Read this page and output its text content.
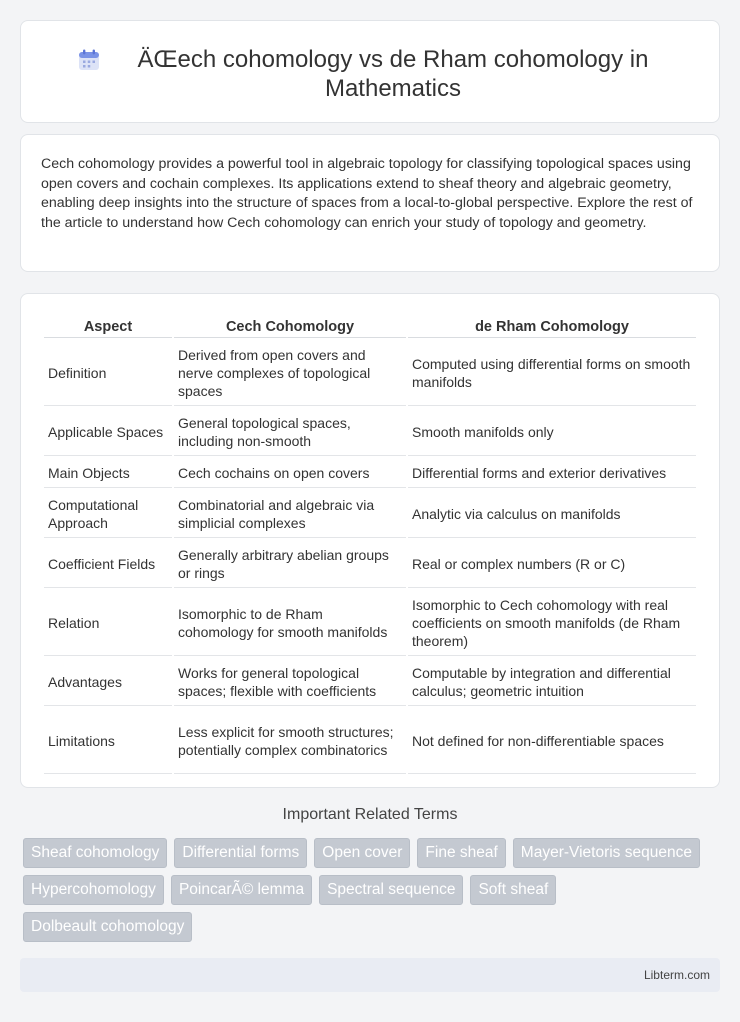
ÄŒech cohomology vs de Rham cohomology in Mathematics

Cech cohomology provides a powerful tool in algebraic topology for classifying topological spaces using open covers and cochain complexes. Its applications extend to sheaf theory and algebraic geometry, enabling deep insights into the structure of spaces from a local-to-global perspective. Explore the rest of the article to understand how Cech cohomology can enrich your study of topology and geometry.

Aspect	Cech Cohomology	de Rham Cohomology
Definition	Derived from open covers and nerve complexes of topological spaces	Computed using differential forms on smooth manifolds
Applicable Spaces	General topological spaces, including non-smooth	Smooth manifolds only
Main Objects	Cech cochains on open covers	Differential forms and exterior derivatives
Computational Approach	Combinatorial and algebraic via simplicial complexes	Analytic via calculus on manifolds
Coefficient Fields	Generally arbitrary abelian groups or rings	Real or complex numbers (R or C)
Relation	Isomorphic to de Rham cohomology for smooth manifolds	Isomorphic to Cech cohomology with real coefficients on smooth manifolds (de Rham theorem)
Advantages	Works for general topological spaces; flexible with coefficients	Computable by integration and differential calculus; geometric intuition
Limitations	Less explicit for smooth structures; potentially complex combinatorics	Not defined for non-differentiable spaces
Important Related Terms
Sheaf cohomology	Differential forms	Open cover	Fine sheaf	Mayer-Vietoris sequence
Hypercohomology	PoincarÃ© lemma	Spectral sequence	Soft sheaf
Dolbeault cohomology
Libterm.com
